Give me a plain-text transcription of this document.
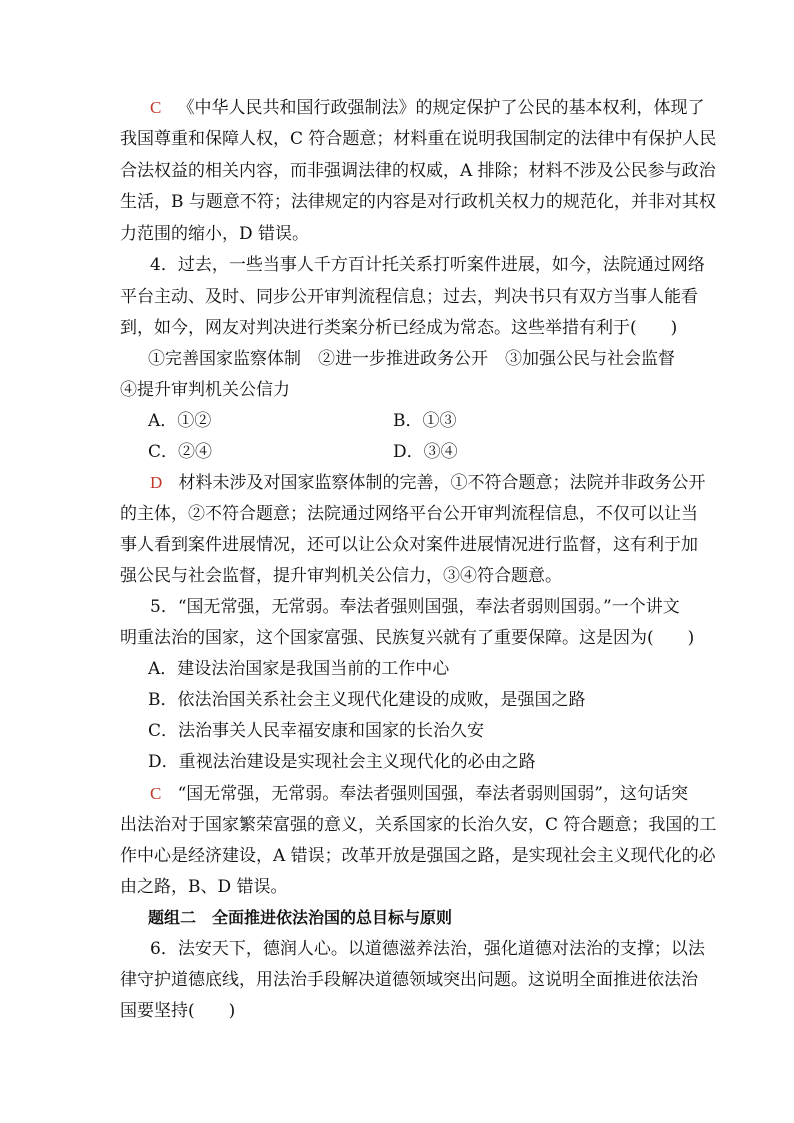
C 《中华人民共和国行政强制法》的规定保护了公民的基本权利，体现了
我国尊重和保障人权，C 符合题意；材料重在说明我国制定的法律中有保护人民
合法权益的相关内容，而非强调法律的权威，A 排除；材料不涉及公民参与政治
生活，B 与题意不符；法律规定的内容是对行政机关权力的规范化，并非对其权
力范围的缩小，D 错误。
4．过去，一些当事人千方百计托关系打听案件进展，如今，法院通过网络
平台主动、及时、同步公开审判流程信息；过去，判决书只有双方当事人能看
到，如今，网友对判决进行类案分析已经成为常态。这些举措有利于(　　)
①完善国家监察体制　②进一步推进政务公开　③加强公民与社会监督
④提升审判机关公信力
A．①②	B．①③
C．②④	D．③④
D 材料未涉及对国家监察体制的完善，①不符合题意；法院并非政务公开
的主体，②不符合题意；法院通过网络平台公开审判流程信息，不仅可以让当
事人看到案件进展情况，还可以让公众对案件进展情况进行监督，这有利于加
强公民与社会监督，提升审判机关公信力，③④符合题意。
5．“国无常强，无常弱。奉法者强则国强，奉法者弱则国弱。”一个讲文
明重法治的国家，这个国家富强、民族复兴就有了重要保障。这是因为(　　)
A．建设法治国家是我国当前的工作中心
B．依法治国关系社会主义现代化建设的成败，是强国之路
C．法治事关人民幸福安康和国家的长治久安
D．重视法治建设是实现社会主义现代化的必由之路
C “国无常强，无常弱。奉法者强则国强，奉法者弱则国弱”，这句话突
出法治对于国家繁荣富强的意义，关系国家的长治久安，C 符合题意；我国的工
作中心是经济建设，A 错误；改革开放是强国之路，是实现社会主义现代化的必
由之路，B、D 错误。
题组二　全面推进依法治国的总目标与原则
6．法安天下，德润人心。以道德滋养法治，强化道德对法治的支撑；以法
律守护道德底线，用法治手段解决道德领域突出问题。这说明全面推进依法治
国要坚持(　　)
